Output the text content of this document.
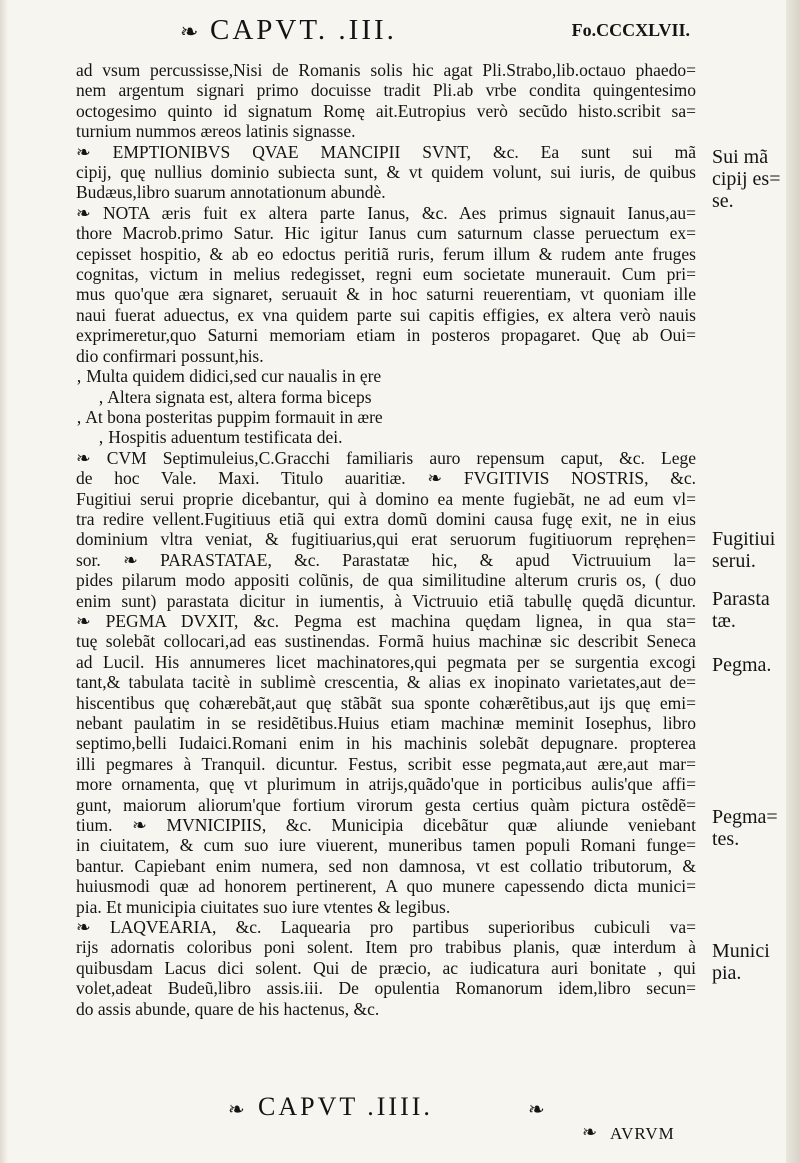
❧ CAPVT. .III.	Fo.CCCXLVII.
ad vsum percussisse,Nisi de Romanis solis hic agat Pli.Strabo,lib.octauo phaedo=
nem argentum signari primo docuisse tradit Pli.ab vrbe condita quingentesimo
octogesimo quinto id signatum Romę ait.Eutropius verò secũdo histo.scribit sa=
turnium nummos æreos latinis signasse.
❧ EMPTIONIBVS QVAE MANCIPII SVNT, &c. Ea sunt sui mã
cipij, quę nullius dominio subiecta sunt, & vt quidem volunt, sui iuris, de quibus
Budæus,libro suarum annotationum abundè.
❧ NOTA æris fuit ex altera parte Ianus, &c. Aes primus signauit Ianus,au=
thore Macrob.primo Satur. Hic igitur Ianus cum saturnum classe peruectum ex=
cepisset hospitio, & ab eo edoctus peritiã ruris, ferum illum & rudem ante fruges
cognitas, victum in melius redegisset, regni eum societate munerauit. Cum pri=
mus quo'que æra signaret, seruauit & in hoc saturni reuerentiam, vt quoniam ille
naui fuerat aduectus, ex vna quidem parte sui capitis effigies, ex altera verò nauis
exprimeretur,quo Saturni memoriam etiam in posteros propagaret. Quę ab Oui=
dio confirmari possunt,his.
‚ Multa quidem didici,sed cur naualis in ęre
‚ Altera signata est, altera forma biceps
‚ At bona posteritas puppim formauit in ære
‚ Hospitis aduentum testificata dei.
❧ CVM Septimuleius,C.Gracchi familiaris auro repensum caput, &c. Lege
de hoc Vale. Maxi. Titulo auaritiæ. ❧ FVGITIVIS NOSTRIS, &c.
Fugitiui serui proprie dicebantur, qui à domino ea mente fugiebãt, ne ad eum vl=
tra redire vellent.Fugitiuus etiã qui extra domũ domini causa fugę exit, ne in eius
dominium vltra veniat, & fugitiuarius,qui erat seruorum fugitiuorum repręhen=
sor. ❧ PARASTATAE, &c. Parastatæ hic, & apud Victruuium la=
pides pilarum modo appositi colũnis, de qua similitudine alterum cruris os, ( duo
enim sunt) parastata dicitur in iumentis, à Victruuio etiã tabullę quędã dicuntur.
❧ PEGMA DVXIT, &c. Pegma est machina quędam lignea, in qua sta=
tuę solebãt collocari,ad eas sustinendas. Formã huius machinæ sic describit Seneca
ad Lucil. His annumeres licet machinatores,qui pegmata per se surgentia excogi
tant,& tabulata tacitè in sublimè crescentia, & alias ex inopinato varietates,aut de=
hiscentibus quę cohærebãt,aut quę stãbãt sua sponte cohærẽtibus,aut ijs quę emi=
nebant paulatim in se residẽtibus.Huius etiam machinæ meminit Iosephus, libro
septimo,belli Iudaici.Romani enim in his machinis solebãt depugnare. propterea
illi pegmares à Tranquil. dicuntur. Festus, scribit esse pegmata,aut ære,aut mar=
more ornamenta, quę vt plurimum in atrijs,quãdo'que in porticibus aulis'que affi=
gunt, maiorum aliorum'que fortium virorum gesta certius quàm pictura ostẽdẽ=
tium. ❧ MVNICIPIIS, &c. Municipia dicebãtur quæ aliunde veniebant
in ciuitatem, & cum suo iure viuerent, muneribus tamen populi Romani funge=
bantur. Capiebant enim numera, sed non damnosa, vt est collatio tributorum, &
huiusmodi quæ ad honorem pertinerent, A quo munere capessendo dicta munici=
pia. Et municipia ciuitates suo iure vtentes & legibus.
❧ LAQVEARIA, &c. Laquearia pro partibus superioribus cubiculi va=
rijs adornatis coloribus poni solent. Item pro trabibus planis, quæ interdum à
quibusdam Lacus dici solent. Qui de præcio, ac iudicatura auri bonitate , qui
volet,adeat Budeũ,libro assis.iii. De opulentia Romanorum idem,libro secun=
do assis abunde, quare de his hactenus, &c.
Sui mã cipij es= se.
Fugitiui serui.
Parasta tæ.
Pegma.
Pegma= tes.
Munici pia.
❧ CAPVT .IIII.	❧
❧ AVRVM
